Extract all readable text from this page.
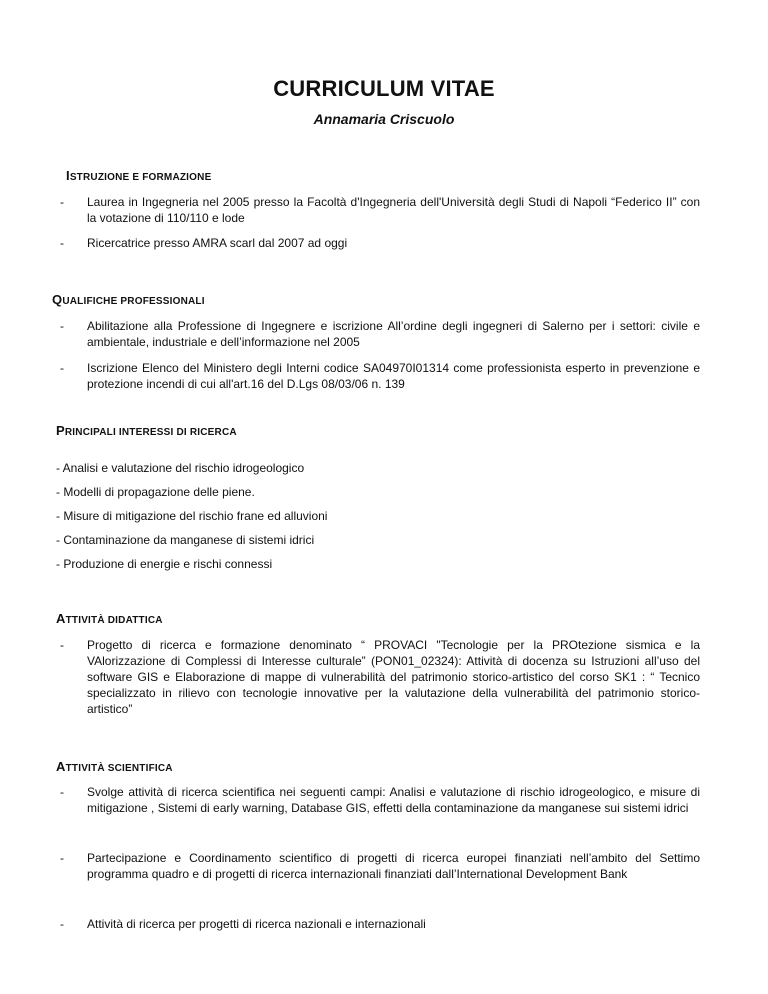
CURRICULUM VITAE
Annamaria Criscuolo
ISTRUZIONE E FORMAZIONE
- Laurea in Ingegneria nel 2005 presso la Facoltà d'Ingegneria dell'Università degli Studi di Napoli “Federico II” con la votazione di 110/110 e lode
- Ricercatrice presso AMRA scarl dal 2007 ad oggi
QUALIFICHE PROFESSIONALI
- Abilitazione alla Professione di Ingegnere e iscrizione All’ordine degli ingegneri di Salerno per i settori: civile e ambientale, industriale e dell’informazione nel 2005
- Iscrizione Elenco del Ministero degli Interni codice SA04970I01314 come professionista esperto in prevenzione e protezione incendi di cui all'art.16 del D.Lgs 08/03/06 n. 139
PRINCIPALI INTERESSI DI RICERCA
- Analisi e valutazione del rischio idrogeologico
- Modelli di propagazione delle piene.
- Misure di mitigazione del rischio frane ed alluvioni
- Contaminazione da manganese di sistemi idrici
- Produzione di energie e rischi connessi
ATTIVITÀ DIDATTICA
- Progetto di ricerca e formazione denominato “ PROVACI "Tecnologie per la PROtezione sismica e la VAlorizzazione di Complessi di Interesse culturale” (PON01_02324): Attività di docenza su Istruzioni all’uso del software GIS e Elaborazione di mappe di vulnerabilità del patrimonio storico-artistico del corso SK1 : “ Tecnico specializzato in rilievo con tecnologie innovative per la valutazione della vulnerabilità del patrimonio storico-artistico”
ATTIVITÀ SCIENTIFICA
- Svolge attività di ricerca scientifica nei seguenti campi: Analisi e valutazione di rischio idrogeologico, e misure di mitigazione , Sistemi di early warning, Database GIS, effetti della contaminazione da manganese sui sistemi idrici
- Partecipazione e Coordinamento scientifico di progetti di ricerca europei finanziati nell’ambito del Settimo programma quadro e di progetti di ricerca internazionali finanziati dall’International Development Bank
- Attività di ricerca per progetti di ricerca nazionali e internazionali
